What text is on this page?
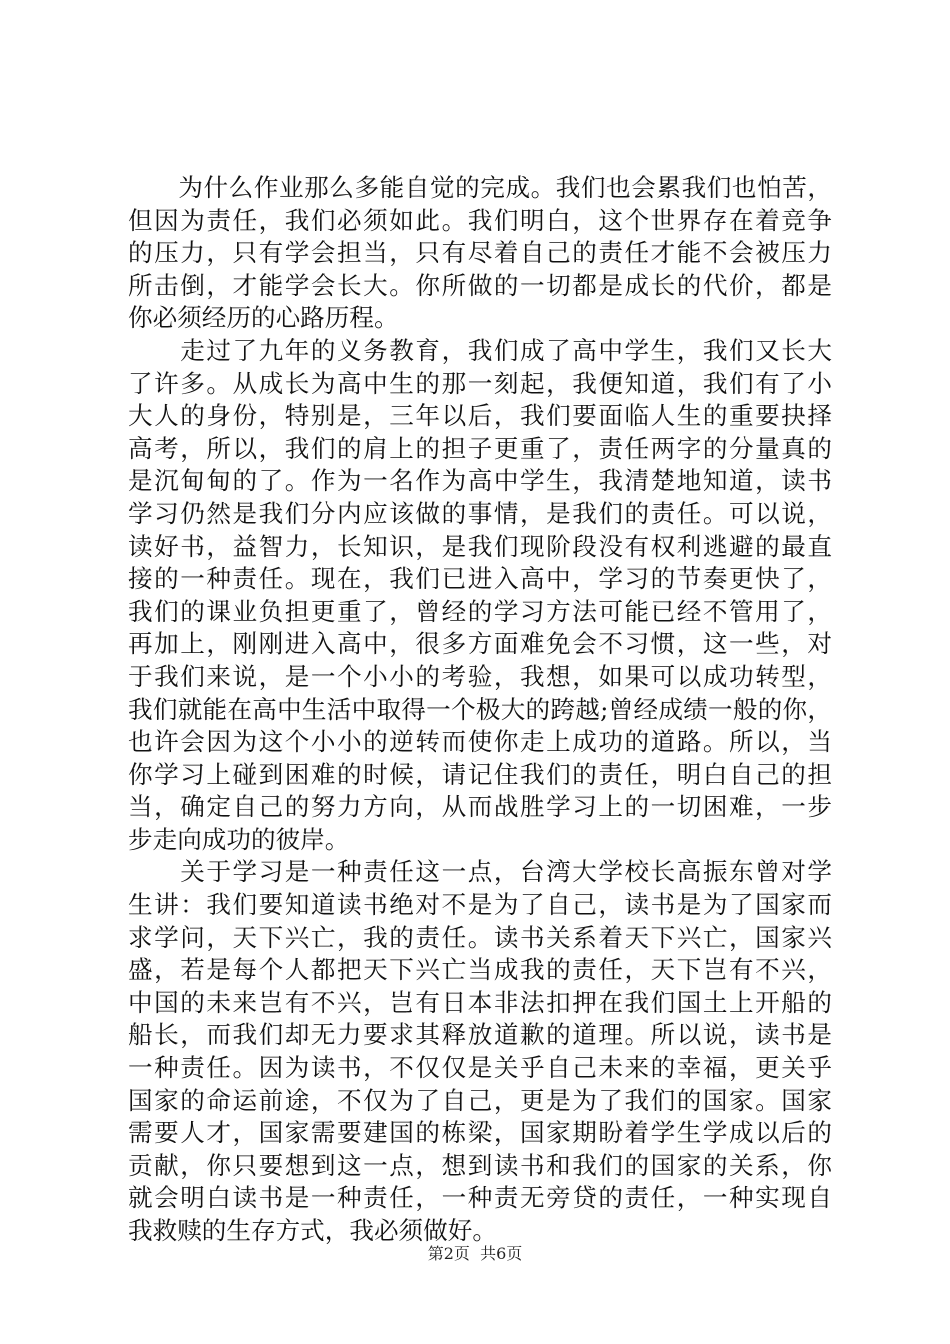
　　为什么作业那么多能自觉的完成。我们也会累我们也怕苦，
但因为责任，我们必须如此。我们明白，这个世界存在着竞争
的压力，只有学会担当，只有尽着自己的责任才能不会被压力
所击倒，才能学会长大。你所做的一切都是成长的代价，都是
你必须经历的心路历程。
　　走过了九年的义务教育，我们成了高中学生，我们又长大
了许多。从成长为高中生的那一刻起，我便知道，我们有了小
大人的身份，特别是，三年以后，我们要面临人生的重要抉择
高考，所以，我们的肩上的担子更重了，责任两字的分量真的
是沉甸甸的了。作为一名作为高中学生，我清楚地知道，读书
学习仍然是我们分内应该做的事情，是我们的责任。可以说，
读好书，益智力，长知识，是我们现阶段没有权利逃避的最直
接的一种责任。现在，我们已进入高中，学习的节奏更快了，
我们的课业负担更重了，曾经的学习方法可能已经不管用了，
再加上，刚刚进入高中，很多方面难免会不习惯，这一些，对
于我们来说，是一个小小的考验，我想，如果可以成功转型，
我们就能在高中生活中取得一个极大的跨越;曾经成绩一般的你，
也许会因为这个小小的逆转而使你走上成功的道路。所以，当
你学习上碰到困难的时候，请记住我们的责任，明白自己的担
当，确定自己的努力方向，从而战胜学习上的一切困难，一步
步走向成功的彼岸。
　　关于学习是一种责任这一点，台湾大学校长高振东曾对学
生讲：我们要知道读书绝对不是为了自己，读书是为了国家而
求学问，天下兴亡，我的责任。读书关系着天下兴亡，国家兴
盛，若是每个人都把天下兴亡当成我的责任，天下岂有不兴，
中国的未来岂有不兴，岂有日本非法扣押在我们国土上开船的
船长，而我们却无力要求其释放道歉的道理。所以说，读书是
一种责任。因为读书，不仅仅是关乎自己未来的幸福，更关乎
国家的命运前途，不仅为了自己，更是为了我们的国家。国家
需要人才，国家需要建国的栋梁，国家期盼着学生学成以后的
贡献，你只要想到这一点，想到读书和我们的国家的关系，你
就会明白读书是一种责任，一种责无旁贷的责任，一种实现自
我救赎的生存方式，我必须做好。
第2页 共6页
